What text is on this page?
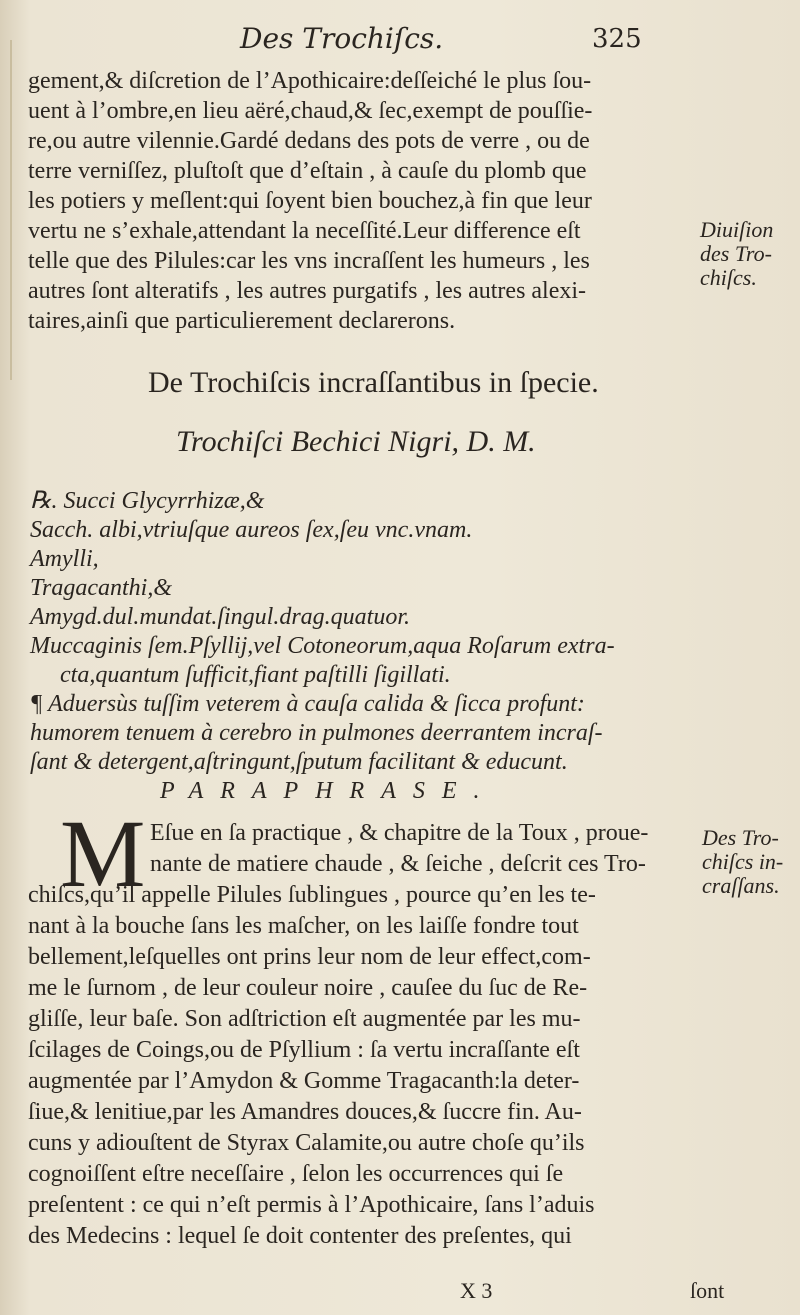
Des Trochiſcs.	325
gement,& diſcretion de l’Apothicaire:deſſeiché le plus ſou-
uent à l’ombre,en lieu aëré,chaud,& ſec,exempt de pouſſie-
re,ou autre vilennie.Gardé dedans des pots de verre , ou de
terre verniſſez, pluſtoſt que d’eſtain , à cauſe du plomb que
les potiers y meſlent:qui ſoyent bien bouchez,à fin que leur
vertu ne s’exhale,attendant la neceſſité.Leur difference eſt
telle que des Pilules:car les vns incraſſent les humeurs , les
autres ſont alteratifs , les autres purgatifs , les autres alexi-
taires,ainſi que particulierement declarerons.
Diuiſion
des Tro-
chiſcs.
De Trochiſcis incraſſantibus in ſpecie.
Trochiſci Bechici Nigri, D. M.
℞. Succi Glycyrrhizæ,&
Sacch. albi,vtriuſque aureos ſex,ſeu vnc.vnam.
Amylli,
Tragacanthi,&
Amygd.dul.mundat.ſingul.drag.quatuor.
Muccaginis ſem.Pſyllij,vel Cotoneorum,aqua Roſarum extra-
cta,quantum ſufficit,fiant paſtilli ſigillati.
¶ Aduersùs tuſſim veterem à cauſa calida & ſicca profunt:
humorem tenuem à cerebro in pulmones deerrantem incraſ-
ſant & detergent,aſtringunt,ſputum facilitant & educunt.
PARAPHRASE.
M Eſue en ſa practique , & chapitre de la Toux , proue-
nante de matiere chaude , & ſeiche , deſcrit ces Tro-
chiſcs,qu’il appelle Pilules ſublingues , pource qu’en les te-
nant à la bouche ſans les maſcher, on les laiſſe fondre tout
bellement,leſquelles ont prins leur nom de leur effect,com-
me le ſurnom , de leur couleur noire , cauſee du ſuc de Re-
gliſſe, leur baſe. Son adſtriction eſt augmentée par les mu-
ſcilages de Coings,ou de Pſyllium : ſa vertu incraſſante eſt
augmentée par l’Amydon & Gomme Tragacanth:la deter-
ſiue,& lenitiue,par les Amandres douces,& ſuccre fin. Au-
cuns y adiouſtent de Styrax Calamite,ou autre choſe qu’ils
cognoiſſent eſtre neceſſaire , ſelon les occurrences qui ſe
preſentent : ce qui n’eſt permis à l’Apothicaire, ſans l’aduis
des Medecins : lequel ſe doit contenter des preſentes, qui
Des Tro-
chiſcs in-
craſſans.
X 3	ſont
